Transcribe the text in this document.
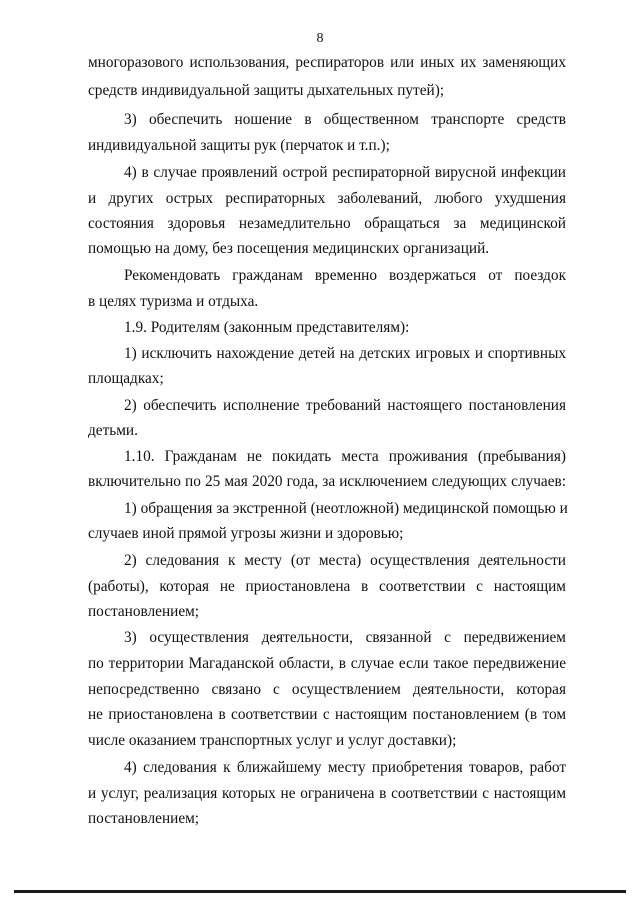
8
многоразового использования, респираторов или иных их заменяющих
средств индивидуальной защиты дыхательных путей);
3) обеспечить ношение в общественном транспорте средств
индивидуальной защиты рук (перчаток и т.п.);
4) в случае проявлений острой респираторной вирусной инфекции
и других острых респираторных заболеваний, любого ухудшения
состояния здоровья незамедлительно обращаться за медицинской
помощью на дому, без посещения медицинских организаций.
Рекомендовать гражданам временно воздержаться от поездок
в целях туризма и отдыха.
1.9. Родителям (законным представителям):
1) исключить нахождение детей на детских игровых и спортивных
площадках;
2) обеспечить исполнение требований настоящего постановления
детьми.
1.10. Гражданам не покидать места проживания (пребывания)
включительно по 25 мая 2020 года, за исключением следующих случаев:
1) обращения за экстренной (неотложной) медицинской помощью и
случаев иной прямой угрозы жизни и здоровью;
2) следования к месту (от места) осуществления деятельности
(работы), которая не приостановлена в соответствии с настоящим
постановлением;
3) осуществления деятельности, связанной с передвижением
по территории Магаданской области, в случае если такое передвижение
непосредственно связано с осуществлением деятельности, которая
не приостановлена в соответствии с настоящим постановлением (в том
числе оказанием транспортных услуг и услуг доставки);
4) следования к ближайшему месту приобретения товаров, работ
и услуг, реализация которых не ограничена в соответствии с настоящим
постановлением;
